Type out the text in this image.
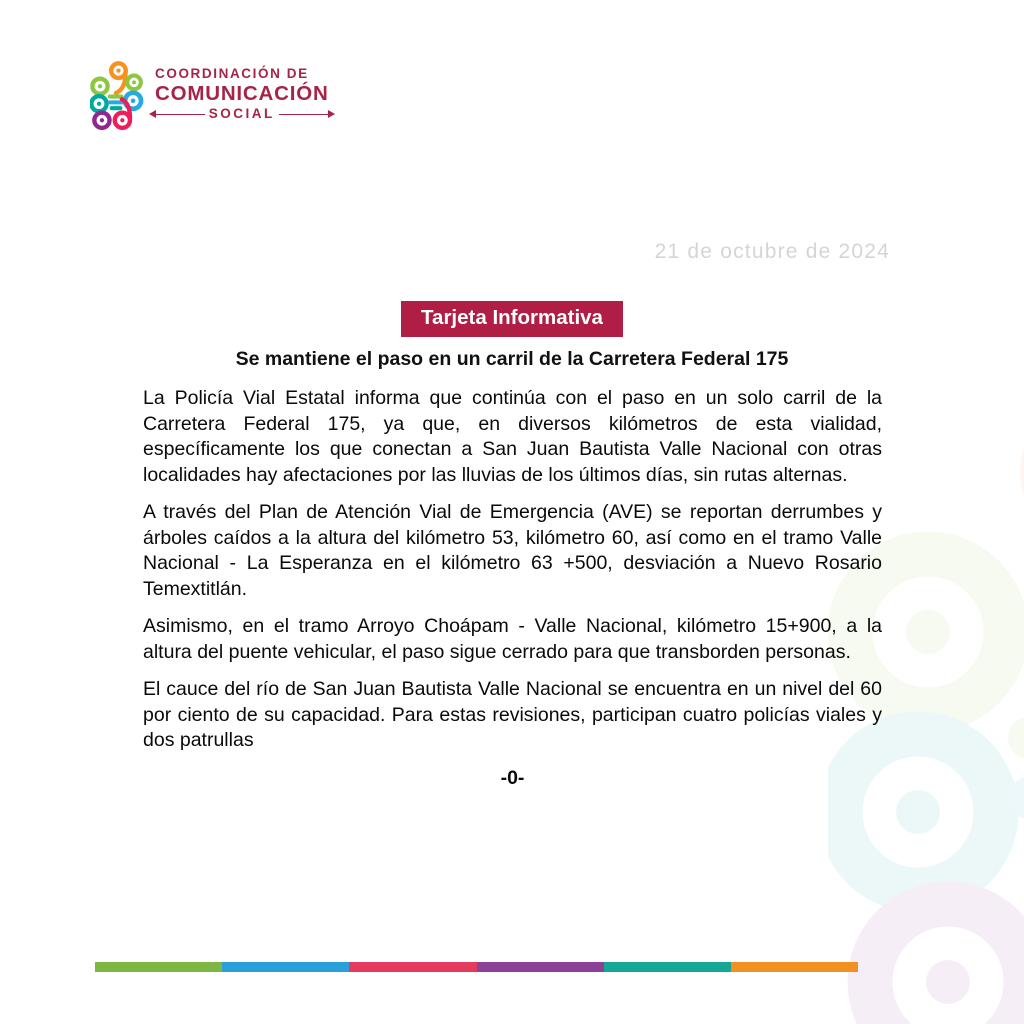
COORDINACIÓN DE
COMUNICACIÓN
SOCIAL
21 de octubre de 2024
Tarjeta Informativa
Se mantiene el paso en un carril de la Carretera Federal 175

La Policía Vial Estatal informa que continúa con el paso en un solo carril de la Carretera Federal 175, ya que, en diversos kilómetros de esta vialidad, específicamente los que conectan a San Juan Bautista Valle Nacional con otras localidades hay afectaciones por las lluvias de los últimos días, sin rutas alternas.

A través del Plan de Atención Vial de Emergencia (AVE) se reportan derrumbes y árboles caídos a la altura del kilómetro 53, kilómetro 60, así como en el tramo Valle Nacional - La Esperanza en el kilómetro 63 +500, desviación a Nuevo Rosario Temextitlán.

Asimismo, en el tramo Arroyo Choápam - Valle Nacional, kilómetro 15+900, a la altura del puente vehicular, el paso sigue cerrado para que transborden personas.

El cauce del río de San Juan Bautista Valle Nacional se encuentra en un nivel del 60 por ciento de su capacidad. Para estas revisiones, participan cuatro policías viales y dos patrullas

-0-
